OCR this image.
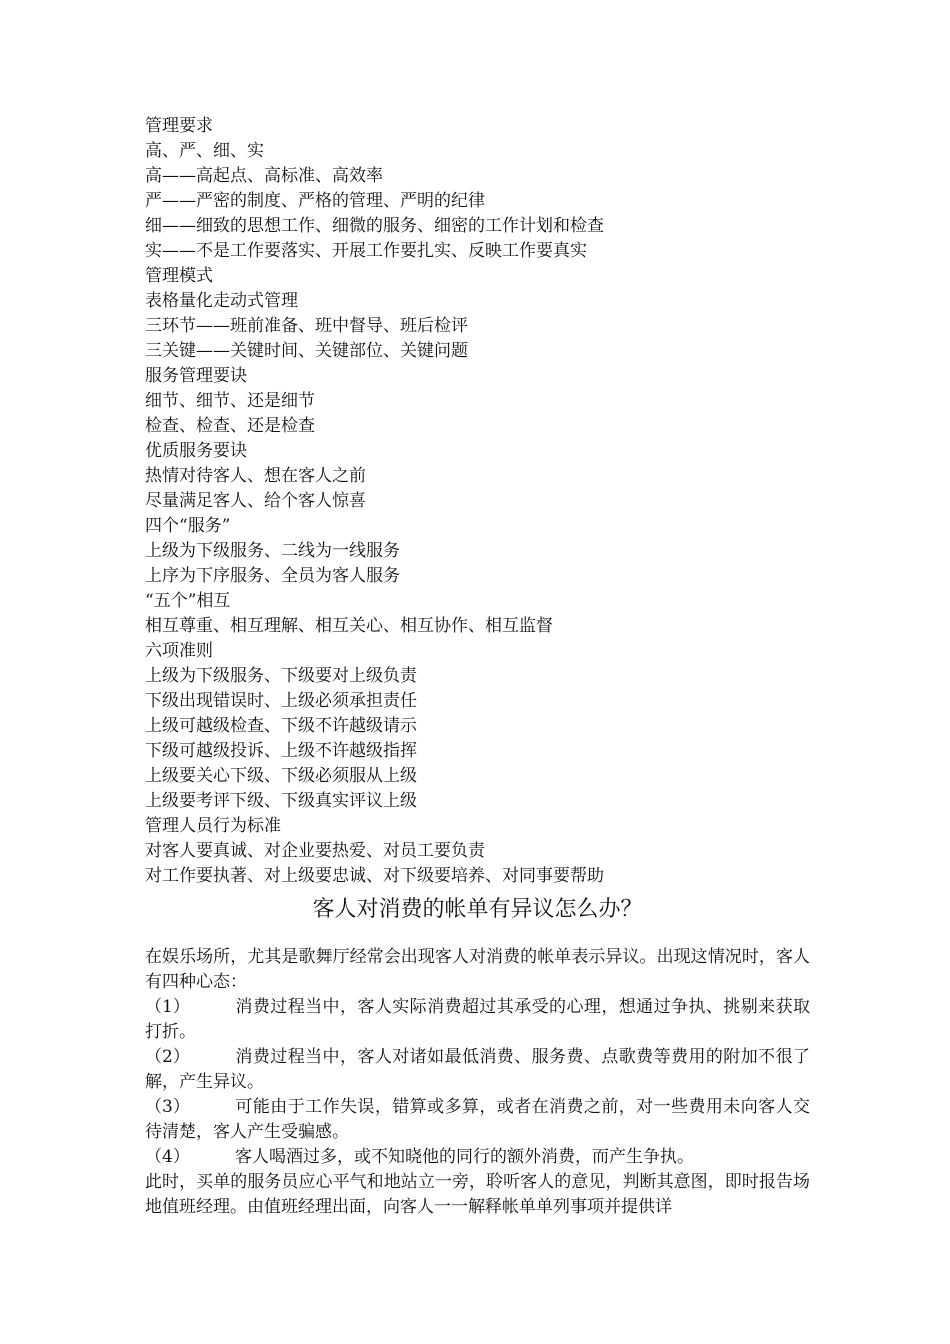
管理要求
高、严、细、实
高——高起点、高标准、高效率
严——严密的制度、严格的管理、严明的纪律
细——细致的思想工作、细微的服务、细密的工作计划和检查
实——不是工作要落实、开展工作要扎实、反映工作要真实
管理模式
表格量化走动式管理
三环节——班前准备、班中督导、班后检评
三关键——关键时间、关键部位、关键问题
服务管理要诀
细节、细节、还是细节
检查、检查、还是检查
优质服务要诀
热情对待客人、想在客人之前
尽量满足客人、给个客人惊喜
四个“服务”
上级为下级服务、二线为一线服务
上序为下序服务、全员为客人服务
“五个”相互
相互尊重、相互理解、相互关心、相互协作、相互监督
六项准则
上级为下级服务、下级要对上级负责
下级出现错误时、上级必须承担责任
上级可越级检查、下级不许越级请示
下级可越级投诉、上级不许越级指挥
上级要关心下级、下级必须服从上级
上级要考评下级、下级真实评议上级
管理人员行为标准
对客人要真诚、对企业要热爱、对员工要负责
对工作要执著、对上级要忠诚、对下级要培养、对同事要帮助
客人对消费的帐单有异议怎么办？
在娱乐场所，尤其是歌舞厅经常会出现客人对消费的帐单表示异议。出现这情况时，客人有四种心态：
（1）	消费过程当中，客人实际消费超过其承受的心理，想通过争执、挑剔来获取打折。
（2）	消费过程当中，客人对诸如最低消费、服务费、点歌费等费用的附加不很了解，产生异议。
（3）	可能由于工作失误，错算或多算，或者在消费之前，对一些费用未向客人交待清楚，客人产生受骗感。
（4）	客人喝酒过多，或不知晓他的同行的额外消费，而产生争执。
此时，买单的服务员应心平气和地站立一旁，聆听客人的意见，判断其意图，即时报告场地值班经理。由值班经理出面，向客人一一解释帐单单列事项并提供详
